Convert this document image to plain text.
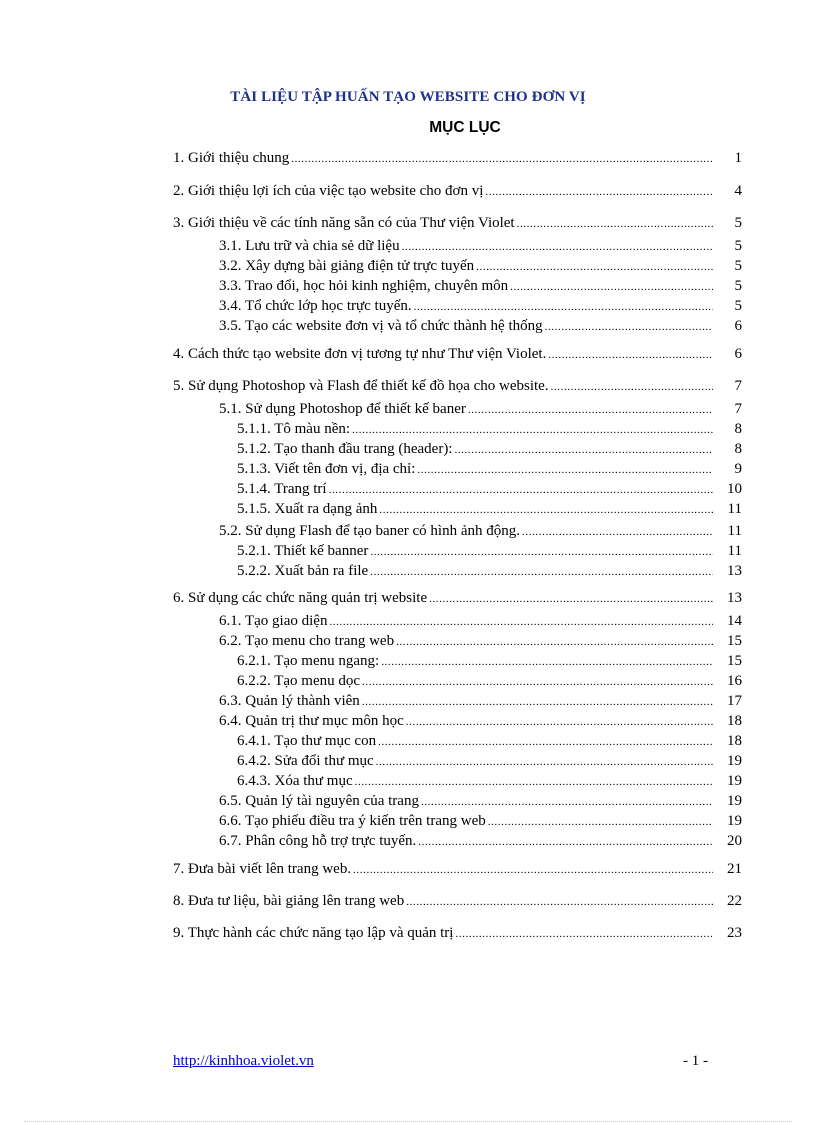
TÀI LIỆU TẬP HUẤN TẠO WEBSITE CHO ĐƠN VỊ
MỤC LỤC
1. Giới thiệu chung .....	1
2. Giới thiệu lợi ích của việc tạo website cho đơn vị .....	4
3. Giới thiệu về các tính năng sẵn có của Thư viện Violet .....	5
3.1. Lưu trữ và chia sẻ dữ liệu .....	5
3.2. Xây dựng bài giảng điện tử trực tuyến .....	5
3.3. Trao đổi, học hỏi kinh nghiệm, chuyên môn .....	5
3.4. Tổ chức lớp học trực tuyến. .....	5
3.5. Tạo các website đơn vị và tổ chức thành hệ thống .....	6
4. Cách thức tạo website đơn vị tương tự như Thư viện Violet. .....	6
5. Sử dụng Photoshop và Flash để thiết kế đồ họa cho website. .....	7
5.1. Sử dụng Photoshop để thiết kế baner .....	7
5.1.1. Tô màu nền: .....	8
5.1.2. Tạo thanh đầu trang (header): .....	8
5.1.3. Viết tên đơn vị, địa chỉ: .....	9
5.1.4. Trang trí .....	10
5.1.5. Xuất ra dạng ảnh .....	11
5.2. Sử dụng Flash để tạo baner có hình ảnh động. .....	11
5.2.1. Thiết kế banner .....	11
5.2.2. Xuất bản ra file .....	13
6. Sử dụng các chức năng quản trị website .....	13
6.1. Tạo giao diện .....	14
6.2. Tạo menu cho trang web .....	15
6.2.1. Tạo menu ngang: .....	15
6.2.2. Tạo menu dọc .....	16
6.3. Quản lý thành viên .....	17
6.4. Quản trị thư mục môn học .....	18
6.4.1. Tạo thư mục con .....	18
6.4.2. Sửa đổi thư mục .....	19
6.4.3. Xóa thư mục .....	19
6.5. Quản lý tài nguyên của trang .....	19
6.6. Tạo phiếu điều tra ý kiến trên trang web .....	19
6.7. Phân công hỗ trợ trực tuyến. .....	20
7. Đưa bài viết lên trang web. .....	21
8. Đưa tư liệu, bài giảng lên trang web .....	22
9. Thực hành các chức năng tạo lập và quản trị .....	23
http://kinhhoa.violet.vn	- 1 -
